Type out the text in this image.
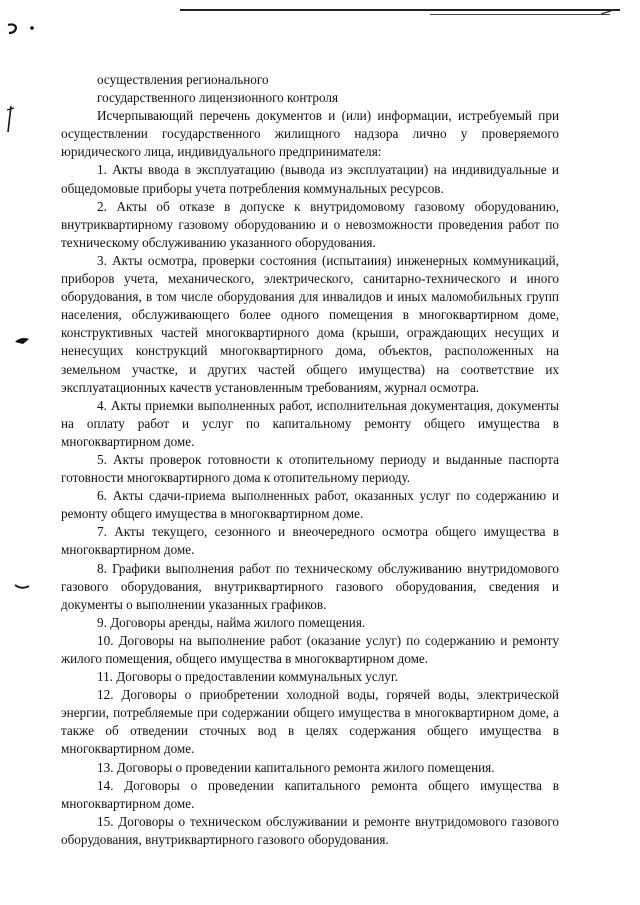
осуществления регионального

государственного лицензионного контроля

Исчерпывающий перечень документов и (или) информации, истребуемый при осуществлении государственного жилищного надзора лично у проверяемого юридического лица, индивидуального предпринимателя:

1. Акты ввода в эксплуатацию (вывода из эксплуатации) на индивидуальные и общедомовые приборы учета потребления коммунальных ресурсов.

2. Акты об отказе в допуске к внутридомовому газовому оборудованию, внутриквартирному газовому оборудованию и о невозможности проведения работ по техническому обслуживанию указанного оборудования.

3. Акты осмотра, проверки состояния (испытаиия) инженерных коммуникаций, приборов учета, механического, электрического, санитарно-технического и иного оборудования, в том числе оборудования для инвалидов и иных маломобильных групп населения, обслуживающего более одного помещения в многоквартирном доме, конструктивных частей многоквартирного дома (крыши, ограждающих несущих и ненесущих конструкций многоквартирного дома, объектов, расположенных на земельном участке, и других частей общего имущества) на соответствие их эксплуатационных качеств установленным требованиям, журнал осмотра.

4. Акты приемки выполненных работ, исполнительная документация, документы на оплату работ и услуг по капитальному ремонту общего имущества в многоквартирном доме.

5. Акты проверок готовности к отопительному периоду и выданные паспорта готовности многоквартирного дома к отопительному периоду.

6. Акты сдачи-приема выполненных работ, оказанных услуг по содержанию и ремонту общего имущества в многоквартирном доме.

7. Акты текущего, сезонного и внеочередного осмотра общего имущества в многоквартирном доме.

8. Графики выполнения работ по техническому обслуживанию внутридомового газового оборудования, внутриквартирного газового оборудования, сведения и документы о выполнении указанных графиков.

9. Договоры аренды, найма жилого помещения.

10. Договоры на выполнение работ (оказание услуг) по содержанию и ремонту жилого помещения, общего имущества в многоквартирном доме.

11. Договоры о предоставлении коммунальных услуг.

12. Договоры о приобретении холодной воды, горячей воды, электрической энергии, потребляемые при содержании общего имущества в многоквартирном доме, а также об отведении сточных вод в целях содержания общего имущества в многоквартирном доме.

13. Договоры о проведении капитального ремонта жилого помещения.

14. Договоры о проведении капитального ремонта общего имущества в многоквартирном доме.

15. Договоры о техническом обслуживании и ремонте внутридомового газового оборудования, внутриквартирного газового оборудования.
